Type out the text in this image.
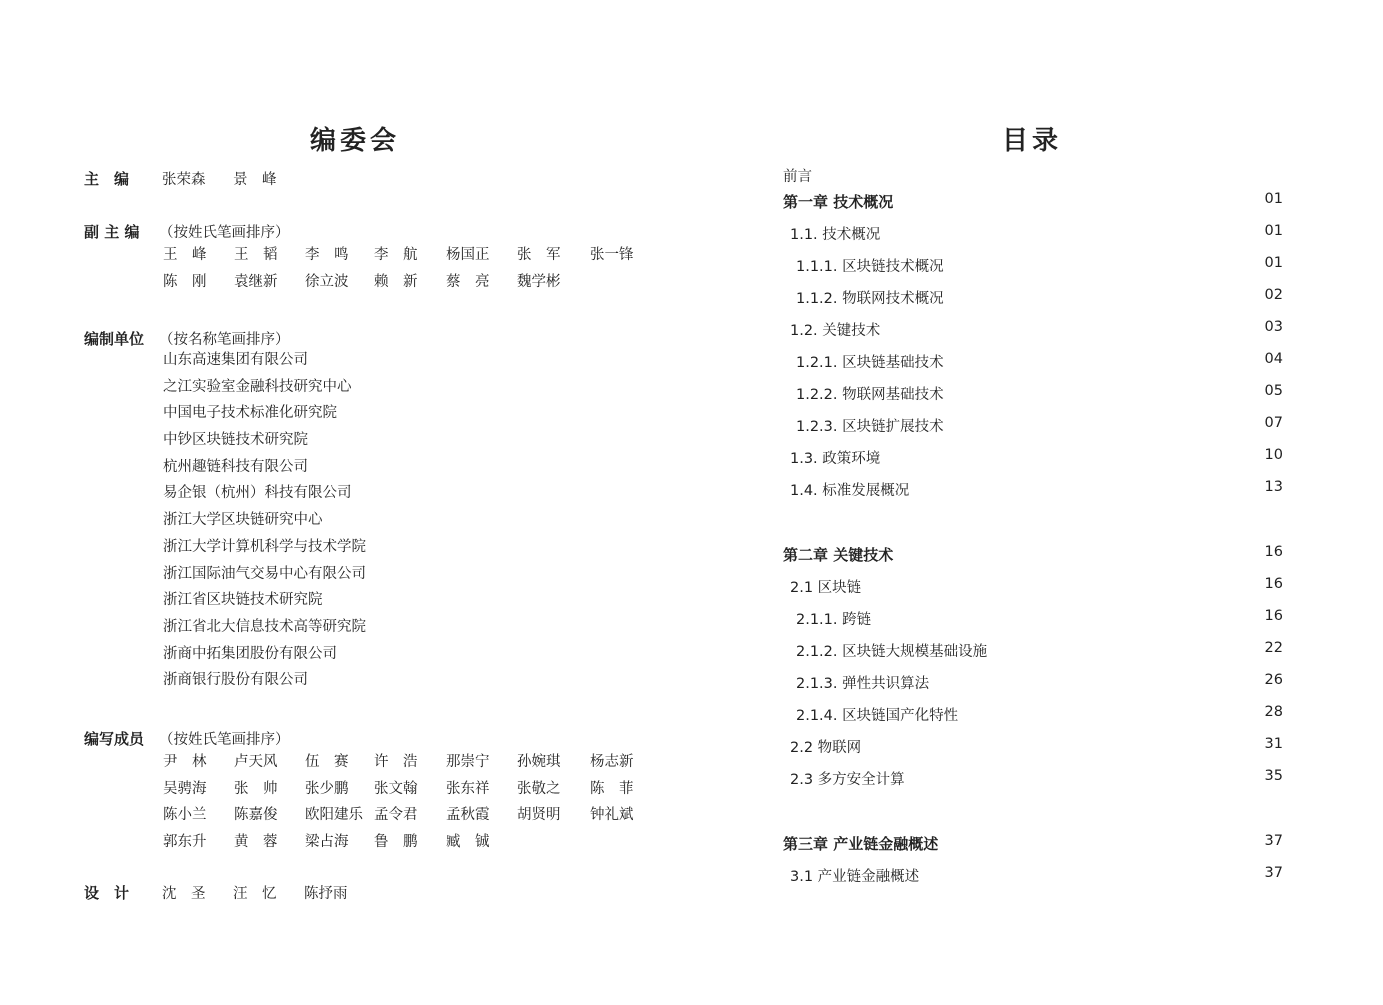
编委会
主　编 张荣森 景　峰
副 主 编 （按姓氏笔画排序）
王　峰 王　韬 李　鸣 李　航 杨国正 张　军 张一锋
陈　刚 袁继新 徐立波 赖　新 蔡　亮 魏学彬
编制单位 （按名称笔画排序）
山东高速集团有限公司
之江实验室金融科技研究中心
中国电子技术标准化研究院
中钞区块链技术研究院
杭州趣链科技有限公司
易企银（杭州）科技有限公司
浙江大学区块链研究中心
浙江大学计算机科学与技术学院
浙江国际油气交易中心有限公司
浙江省区块链技术研究院
浙江省北大信息技术高等研究院
浙商中拓集团股份有限公司
浙商银行股份有限公司
编写成员 （按姓氏笔画排序）
尹　林 卢天风 伍　赛 许　浩 那崇宁 孙婉琪 杨志新
吴骋海 张　帅 张少鹏 张文翰 张东祥 张敬之 陈　菲
陈小兰 陈嘉俊 欧阳建乐 孟令君 孟秋霞 胡贤明 钟礼斌
郭东升 黄　蓉 梁占海 鲁　鹏 臧　铖
设　计 沈　圣 汪　忆 陈抒雨
目录
前言
第一章 技术概况	01
1.1. 技术概况	01
1.1.1. 区块链技术概况	01
1.1.2. 物联网技术概况	02
1.2. 关键技术	03
1.2.1. 区块链基础技术	04
1.2.2. 物联网基础技术	05
1.2.3. 区块链扩展技术	07
1.3. 政策环境	10
1.4. 标准发展概况	13
第二章 关键技术	16
2.1 区块链	16
2.1.1. 跨链	16
2.1.2. 区块链大规模基础设施	22
2.1.3. 弹性共识算法	26
2.1.4. 区块链国产化特性	28
2.2 物联网	31
2.3 多方安全计算	35
第三章 产业链金融概述	37
3.1 产业链金融概述	37
